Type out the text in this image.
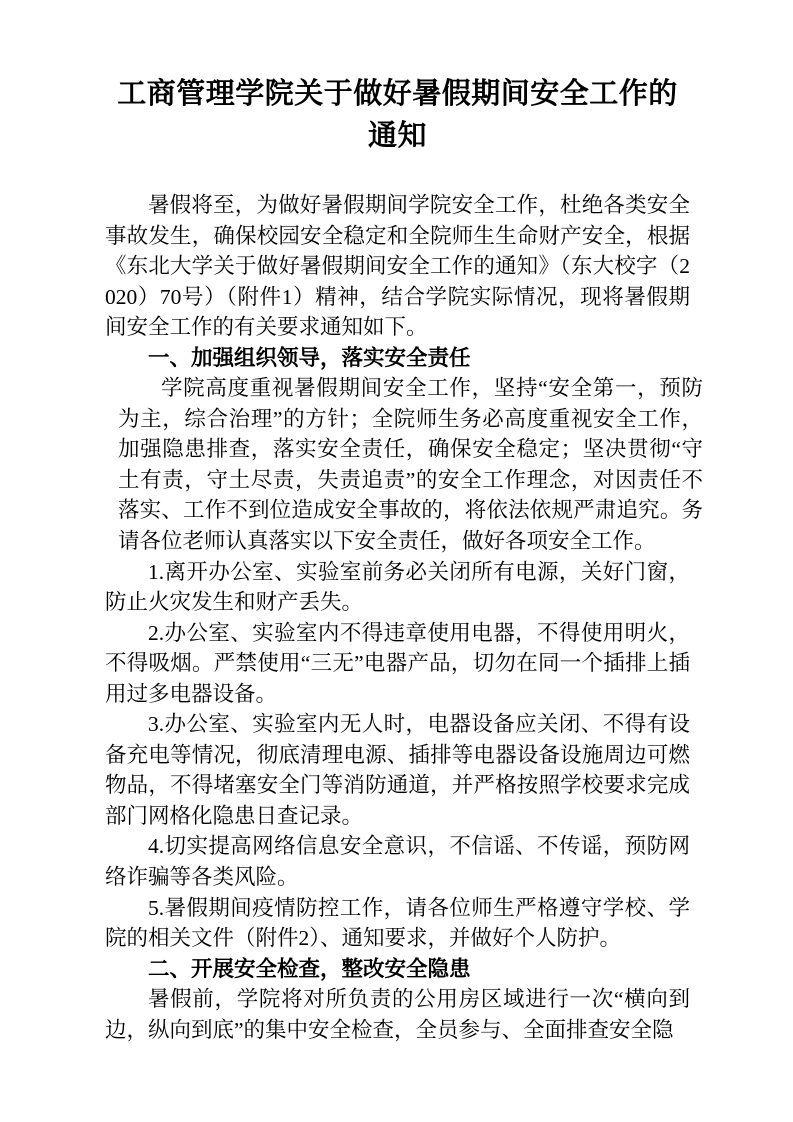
工商管理学院关于做好暑假期间安全工作的
通知

暑假将至，为做好暑假期间学院安全工作，杜绝各类安全事故发生，确保校园安全稳定和全院师生生命财产安全，根据《东北大学关于做好暑假期间安全工作的通知》（东大校字（2020）70号）（附件1）精神，结合学院实际情况，现将暑假期间安全工作的有关要求通知如下。

一、加强组织领导，落实安全责任

学院高度重视暑假期间安全工作，坚持“安全第一，预防为主，综合治理”的方针；全院师生务必高度重视安全工作，加强隐患排查，落实安全责任，确保安全稳定；坚决贯彻“守土有责，守土尽责，失责追责”的安全工作理念，对因责任不落实、工作不到位造成安全事故的，将依法依规严肃追究。务请各位老师认真落实以下安全责任，做好各项安全工作。

1.离开办公室、实验室前务必关闭所有电源，关好门窗，防止火灾发生和财产丢失。

2.办公室、实验室内不得违章使用电器，不得使用明火，不得吸烟。严禁使用“三无”电器产品，切勿在同一个插排上插用过多电器设备。

3.办公室、实验室内无人时，电器设备应关闭、不得有设备充电等情况，彻底清理电源、插排等电器设备设施周边可燃物品，不得堵塞安全门等消防通道，并严格按照学校要求完成部门网格化隐患日查记录。

4.切实提高网络信息安全意识，不信谣、不传谣，预防网络诈骗等各类风险。

5.暑假期间疫情防控工作，请各位师生严格遵守学校、学院的相关文件（附件2）、通知要求，并做好个人防护。

二、开展安全检查，整改安全隐患

暑假前，学院将对所负责的公用房区域进行一次“横向到边，纵向到底”的集中安全检查，全员参与、全面排查安全隐
